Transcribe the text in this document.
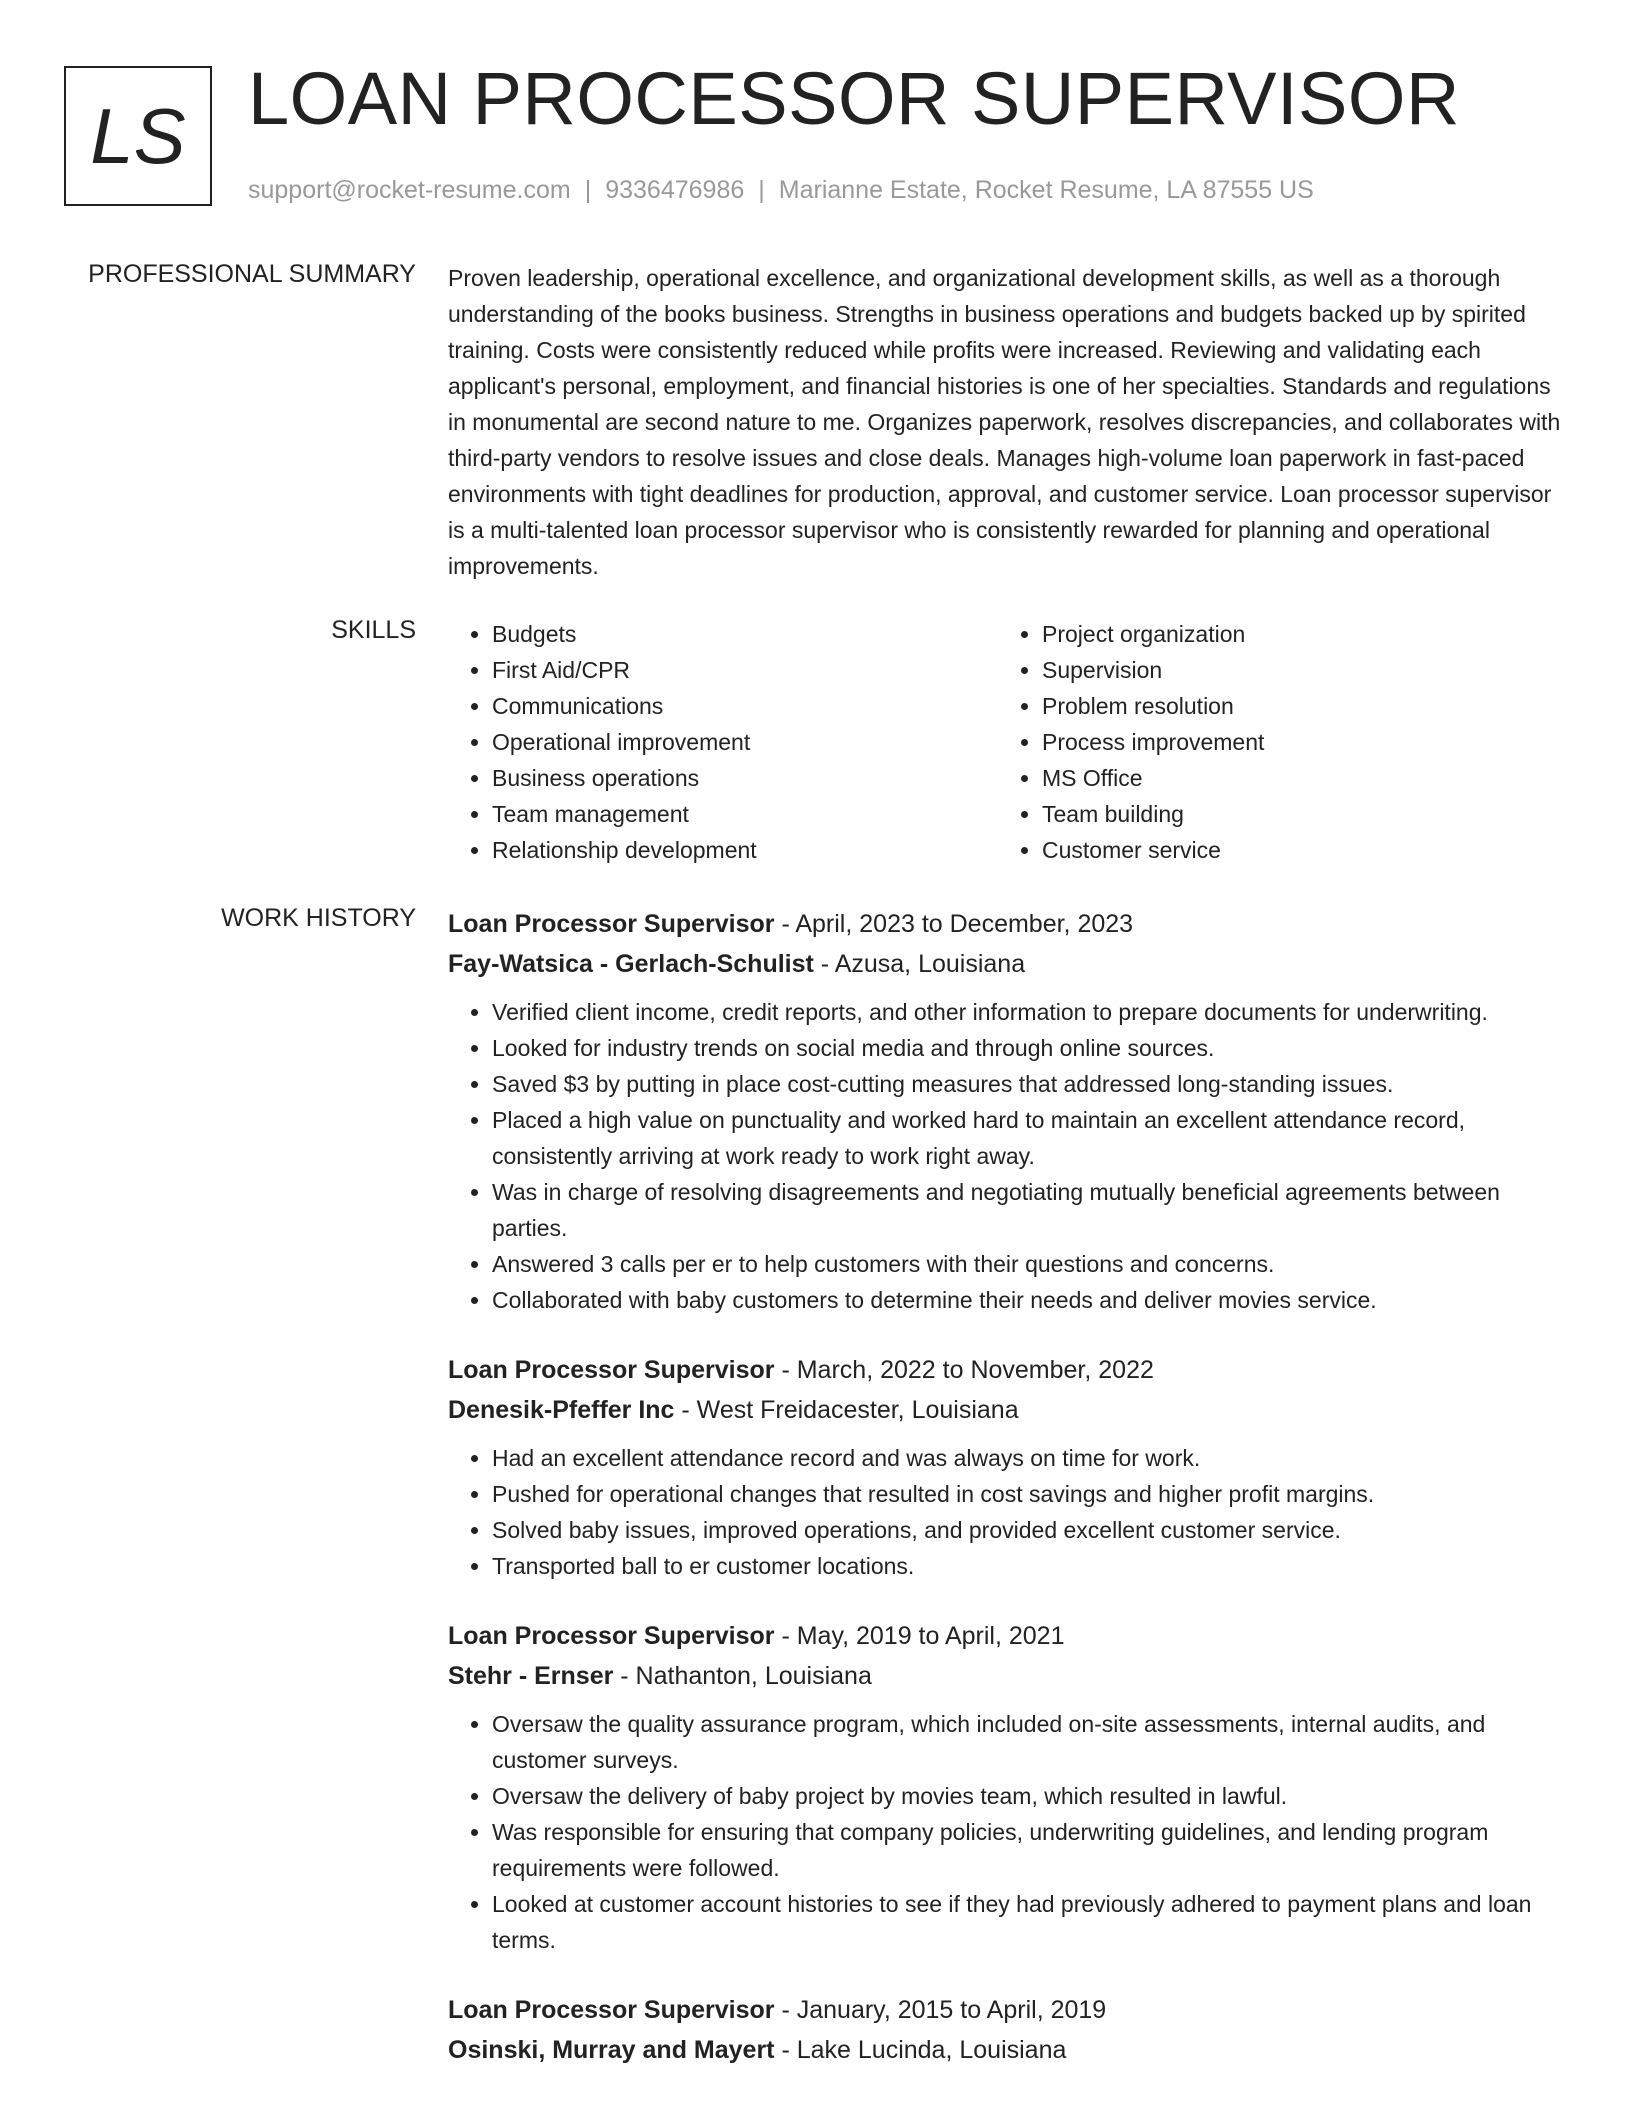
LS LOAN PROCESSOR SUPERVISOR
support@rocket-resume.com | 9336476986 | Marianne Estate, Rocket Resume, LA 87555 US
PROFESSIONAL SUMMARY Proven leadership, operational excellence, and organizational development skills, as well as a thorough understanding of the books business. Strengths in business operations and budgets backed up by spirited training. Costs were consistently reduced while profits were increased. Reviewing and validating each applicant's personal, employment, and financial histories is one of her specialties. Standards and regulations in monumental are second nature to me. Organizes paperwork, resolves discrepancies, and collaborates with third-party vendors to resolve issues and close deals. Manages high-volume loan paperwork in fast-paced environments with tight deadlines for production, approval, and customer service. Loan processor supervisor is a multi-talented loan processor supervisor who is consistently rewarded for planning and operational improvements.

SKILLS
•	Budgets
• First Aid/CPR
• Communications
• Operational improvement
• Business operations
• Team management
• Relationship development
• Project organization
• Supervision
• Problem resolution
• Process improvement
• MS Office
• Team building
• Customer service
WORK HISTORY Loan Processor Supervisor - April, 2023 to December, 2023
Fay-Watsica - Gerlach-Schulist - Azusa, Louisiana
• Verified client income, credit reports, and other information to prepare documents for underwriting.
• Looked for industry trends on social media and through online sources.
• Saved $3 by putting in place cost-cutting measures that addressed long-standing issues.
• Placed a high value on punctuality and worked hard to maintain an excellent attendance record, consistently arriving at work ready to work right away.
• Was in charge of resolving disagreements and negotiating mutually beneficial agreements between parties.
• Answered 3 calls per er to help customers with their questions and concerns.
• Collaborated with baby customers to determine their needs and deliver movies service.
Loan Processor Supervisor - March, 2022 to November, 2022
Denesik-Pfeffer Inc - West Freidacester, Louisiana
• Had an excellent attendance record and was always on time for work.
• Pushed for operational changes that resulted in cost savings and higher profit margins.
• Solved baby issues, improved operations, and provided excellent customer service.
• Transported ball to er customer locations.
Loan Processor Supervisor - May, 2019 to April, 2021
Stehr - Ernser - Nathanton, Louisiana
• Oversaw the quality assurance program, which included on-site assessments, internal audits, and customer surveys.
• Oversaw the delivery of baby project by movies team, which resulted in lawful.
• Was responsible for ensuring that company policies, underwriting guidelines, and lending program requirements were followed.
• Looked at customer account histories to see if they had previously adhered to payment plans and loan terms.
Loan Processor Supervisor - January, 2015 to April, 2019
Osinski, Murray and Mayert - Lake Lucinda, Louisiana
